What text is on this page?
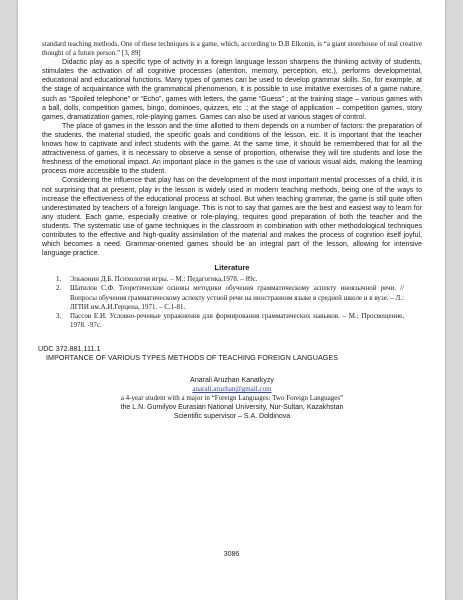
standard teaching methods. One of these techniques is a game, which, according to D.B Elkonin, is “a giant storehouse of real creative thought of a future person.” [3, 89]

Didactic play as a specific type of activity in a foreign language lesson sharpens the thinking activity of students, stimulates the activation of all cognitive processes (attention, memory, perception, etc.), performs developmental, educational and educational functions. Many types of games can be used to develop grammar skills. So, for example, at the stage of acquaintance with the grammatical phenomenon, it is possible to use imitative exercises of a game nature, such as “Spoiled telephone” or “Echo”, games with letters, the game “Guess” ; at the training stage – various games with a ball, dolls, competition games, bingo, dominoes, quizzes, etc .; at the stage of application – competition games, story games, dramatization games, role-playing games. Games can also be used at various stages of control.

The place of games in the lesson and the time allotted to them depends on a number of factors: the preparation of the students, the material studied, the specific goals and conditions of the lesson, etc. It is important that the teacher knows how to captivate and infect students with the game. At the same time, it should be remembered that for all the attractiveness of games, it is necessary to observe a sense of proportion, otherwise they will tire students and lose the freshness of the emotional impact. An important place in the games is the use of various visual aids, making the learning process more accessible to the student.

Considering the influence that play has on the development of the most important mental processes of a child, it is not surprising that at present, play in the lesson is widely used in modern teaching methods, being one of the ways to increase the effectiveness of the educational process at school. But when teaching grammar, the game is still quite often underestimated by teachers of a foreign language. This is not to say that games are the best and easiest way to learn for any student. Each game, especially creative or role-playing, requires good preparation of both the teacher and the students. The systematic use of game techniques in the classroom in combination with other methodological techniques contributes to the effective and high-quality assimilation of the material and makes the process of cognition itself joyful, which becomes a need. Grammar-oriented games should be an integral part of the lesson, allowing for intensive language practice.

Literature
1. Эльконин Д.Б. Психология игры. – М.: Педагогика,1978. – 89с.
2. Шатилов С.Ф. Теоретические основы методики обучения грамматическому аспекту иноязычной речи. //Вопросы обучения грамматическому аспекту устной речи на иностранном языке в средней школе и в вузе. – Л.: ЛГПИ им.А.И.Герцена, 1971. – С.1-81.
3. Пассов Е.И. Условно-речевые упражнения для формирования грамматических навыков. – М.: Просвещение, 1978. -97с.
UDC 372.881.111.1
IMPORTANCE OF VARIOUS TYPES METHODS OF TEACHING FOREIGN LANGUAGES
Anarali Aruzhan Kanatkyzy
anarali.aruzhan@gmail.com
a 4-year student with a major in “Foreign Languages: Two Foreign Languages”
the L.N. Gumilyov Eurasian National University, Nur-Sultan, Kazakhstan
Scientific supervisor – S.A. Doldinova
3086
